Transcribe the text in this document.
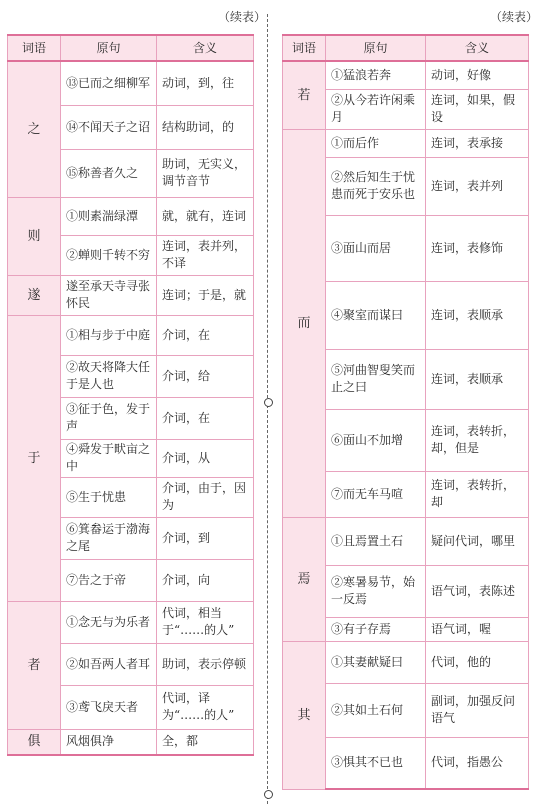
（续表）	（续表）
词语	原句	含义
之	⑬已而之细柳军	动词，到，往
	⑭不闻天子之诏	结构助词，的
	⑮称善者久之	助词，无实义，调节音节
则	①则素湍绿潭	就，就有，连词
	②蝉则千转不穷	连词，表并列，不译
遂	遂至承天寺寻张怀民	连词；于是，就
于	①相与步于中庭	介词，在
	②故天将降大任于是人也	介词，给
	③征于色，发于声	介词，在
	④舜发于畎亩之中	介词，从
	⑤生于忧患	介词，由于，因为
	⑥箕畚运于渤海之尾	介词，到
	⑦告之于帝	介词，向
者	①念无与为乐者	代词，相当于“……的人”
	②如吾两人者耳	助词，表示停顿
	③鸢飞戾天者	代词，译为“……的人”
俱	风烟俱净	全，都
词语	原句	含义
若	①猛浪若奔	动词，好像
	②从今若许闲乘月	连词，如果，假设
而	①而后作	连词，表承接
	②然后知生于忧患而死于安乐也	连词，表并列
	③面山而居	连词，表修饰
	④聚室而谋曰	连词，表顺承
	⑤河曲智叟笑而止之曰	连词，表顺承
	⑥面山不加增	连词，表转折，却，但是
	⑦而无车马喧	连词，表转折，却
焉	①且焉置土石	疑问代词，哪里
	②寒暑易节，始一反焉	语气词，表陈述
	③有子存焉	语气词，喔
其	①其妻献疑曰	代词，他的
	②其如土石何	副词，加强反问语气
	③惧其不已也	代词，指愚公
